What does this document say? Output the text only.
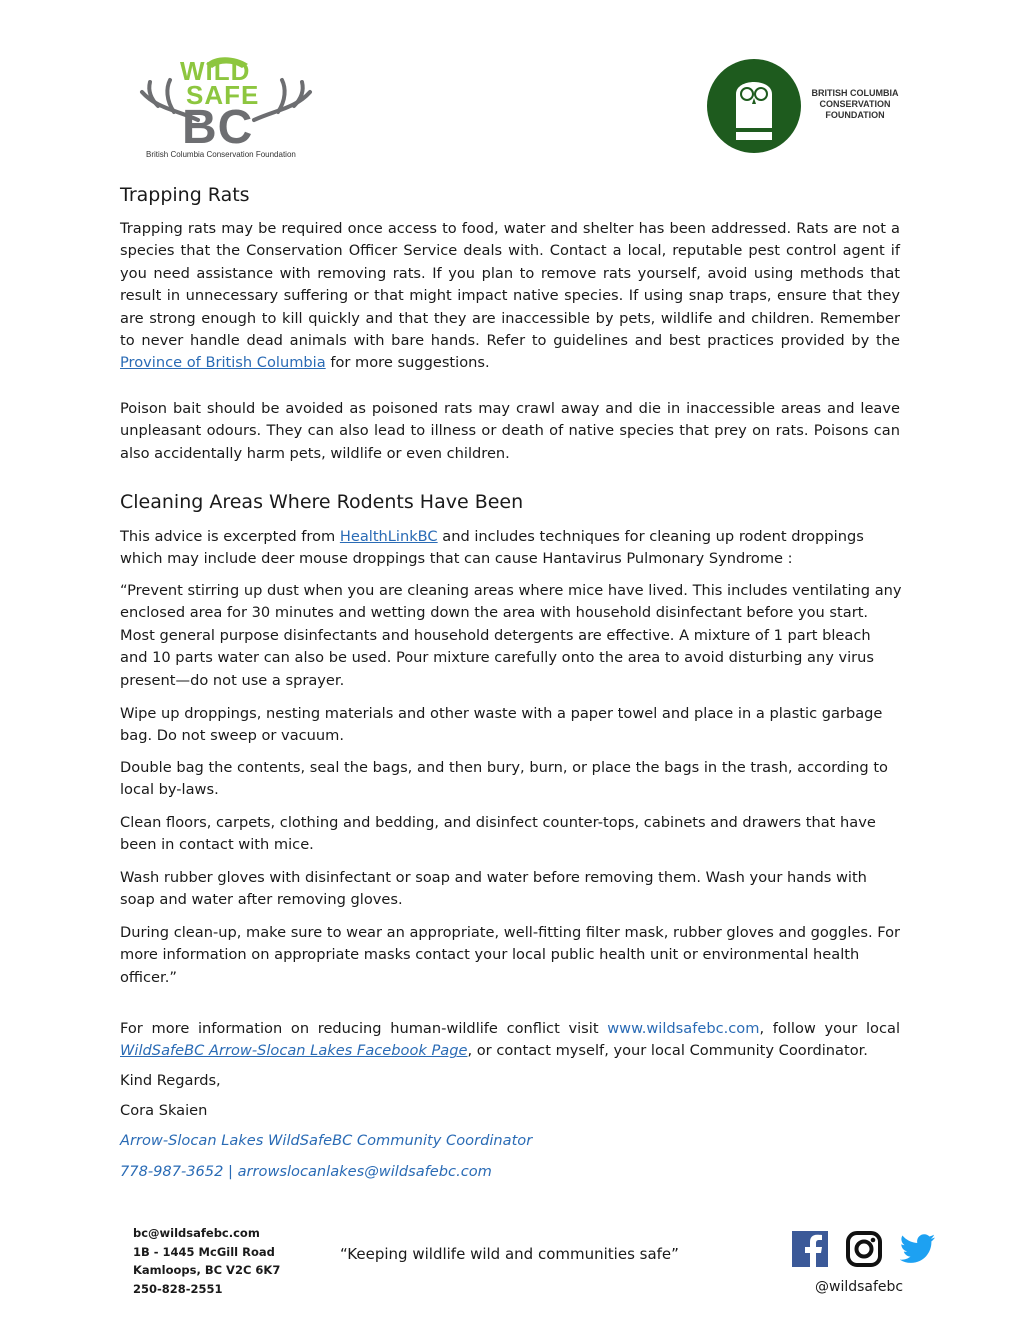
WILD
SAFE
BC
British Columbia Conservation Foundation
BRITISH COLUMBIA
CONSERVATION
FOUNDATION
Trapping Rats

Trapping rats may be required once access to food, water and shelter has been addressed. Rats are not a species that the Conservation Officer Service deals with. Contact a local, reputable pest control agent if you need assistance with removing rats. If you plan to remove rats yourself, avoid using methods that result in unnecessary suffering or that might impact native species. If using snap traps, ensure that they are strong enough to kill quickly and that they are inaccessible by pets, wildlife and children. Remember to never handle dead animals with bare hands. Refer to guidelines and best practices provided by the Province of British Columbia for more suggestions.

Poison bait should be avoided as poisoned rats may crawl away and die in inaccessible areas and leave unpleasant odours. They can also lead to illness or death of native species that prey on rats. Poisons can also accidentally harm pets, wildlife or even children.

Cleaning Areas Where Rodents Have Been

This advice is excerpted from HealthLinkBC and includes techniques for cleaning up rodent droppings which may include deer mouse droppings that can cause Hantavirus Pulmonary Syndrome :

“Prevent stirring up dust when you are cleaning areas where mice have lived. This includes ventilating any enclosed area for 30 minutes and wetting down the area with household disinfectant before you start. Most general purpose disinfectants and household detergents are effective. A mixture of 1 part bleach and 10 parts water can also be used. Pour mixture carefully onto the area to avoid disturbing any virus present—do not use a sprayer.

Wipe up droppings, nesting materials and other waste with a paper towel and place in a plastic garbage bag. Do not sweep or vacuum.

Double bag the contents, seal the bags, and then bury, burn, or place the bags in the trash, according to local by-laws.

Clean floors, carpets, clothing and bedding, and disinfect counter-tops, cabinets and drawers that have been in contact with mice.

Wash rubber gloves with disinfectant or soap and water before removing them. Wash your hands with soap and water after removing gloves.

During clean-up, make sure to wear an appropriate, well-fitting filter mask, rubber gloves and goggles. For more information on appropriate masks contact your local public health unit or environmental health officer.”

For more information on reducing human-wildlife conflict visit www.wildsafebc.com, follow your local WildSafeBC Arrow-Slocan Lakes Facebook Page, or contact myself, your local Community Coordinator.

Kind Regards,

Cora Skaien

Arrow-Slocan Lakes WildSafeBC Community Coordinator

778-987-3652 | arrowslocanlakes@wildsafebc.com

bc@wildsafebc.com
1B - 1445 McGill Road
Kamloops, BC V2C 6K7
250-828-2551
“Keeping wildlife wild and communities safe”
@wildsafebc
